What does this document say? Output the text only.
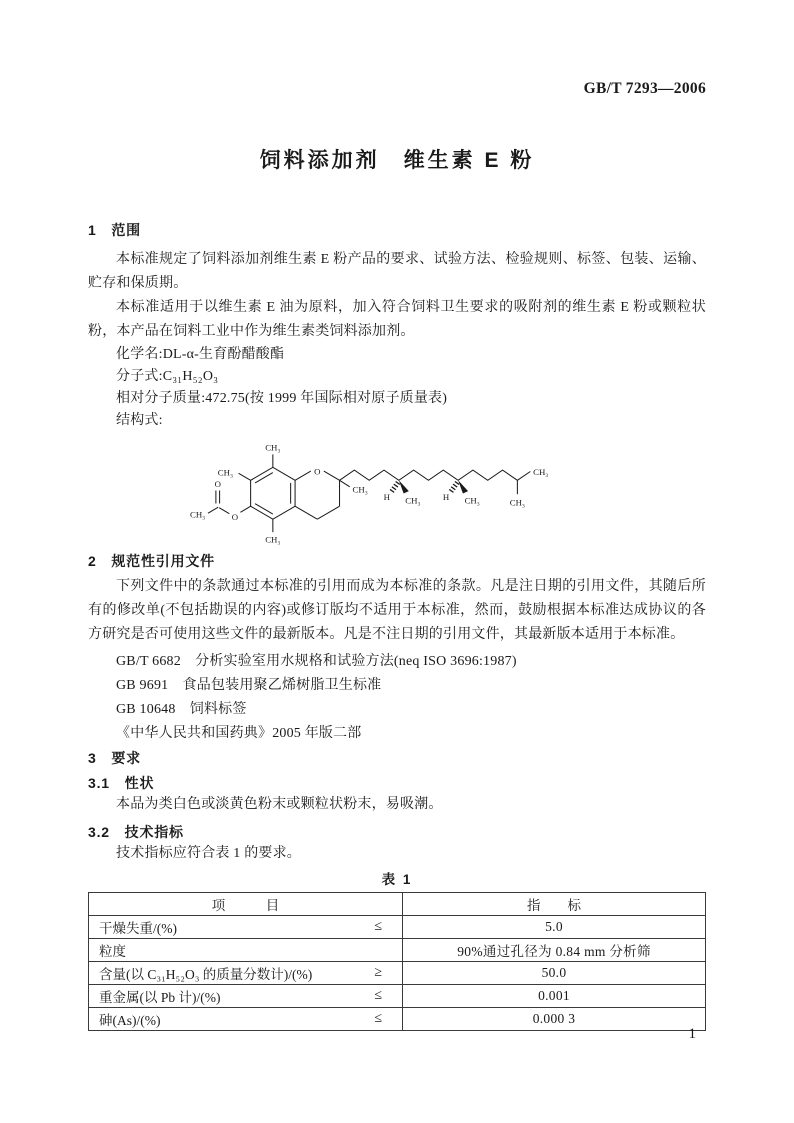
GB/T 7293—2006
饲料添加剂　维生素 E 粉
1　范围

本标准规定了饲料添加剂维生素 E 粉产品的要求、试验方法、检验规则、标签、包装、运输、贮存和保质期。

本标准适用于以维生素 E 油为原料，加入符合饲料卫生要求的吸附剂的维生素 E 粉或颗粒状粉，本产品在饲料工业中作为维生素类饲料添加剂。

化学名:DL-α-生育酚醋酸酯
分子式:C₃₁H₅₂O₃
相对分子质量:472.75(按 1999 年国际相对原子质量表)
结构式:
CH₃
CH₃
CH₃
O
O
CH₃
O
CH₃
H CH₃ H CH₃
CH₃
CH₃
2　规范性引用文件

下列文件中的条款通过本标准的引用而成为本标准的条款。凡是注日期的引用文件，其随后所有的修改单(不包括勘误的内容)或修订版均不适用于本标准，然而，鼓励根据本标准达成协议的各方研究是否可使用这些文件的最新版本。凡是不注日期的引用文件，其最新版本适用于本标准。

GB/T 6682　分析实验室用水规格和试验方法(neq ISO 3696:1987)
GB 9691　食品包装用聚乙烯树脂卫生标准
GB 10648　饲料标签
《中华人民共和国药典》2005 年版二部
3　要求
3.1　性状

本品为类白色或淡黄色粉末或颗粒状粉末，易吸潮。

3.2　技术指标

技术指标应符合表 1 的要求。

表 1
项　　　目	指　　标

干燥失重/(%) ≤	5.0

粒度	90%通过孔径为 0.84 mm 分析筛

含量(以 C₃₁H₅₂O₃ 的质量分数计)/(%) ≥	50.0

重金属(以 Pb 计)/(%) ≤	0.001

砷(As)/(%) ≤	0.000 3
1
